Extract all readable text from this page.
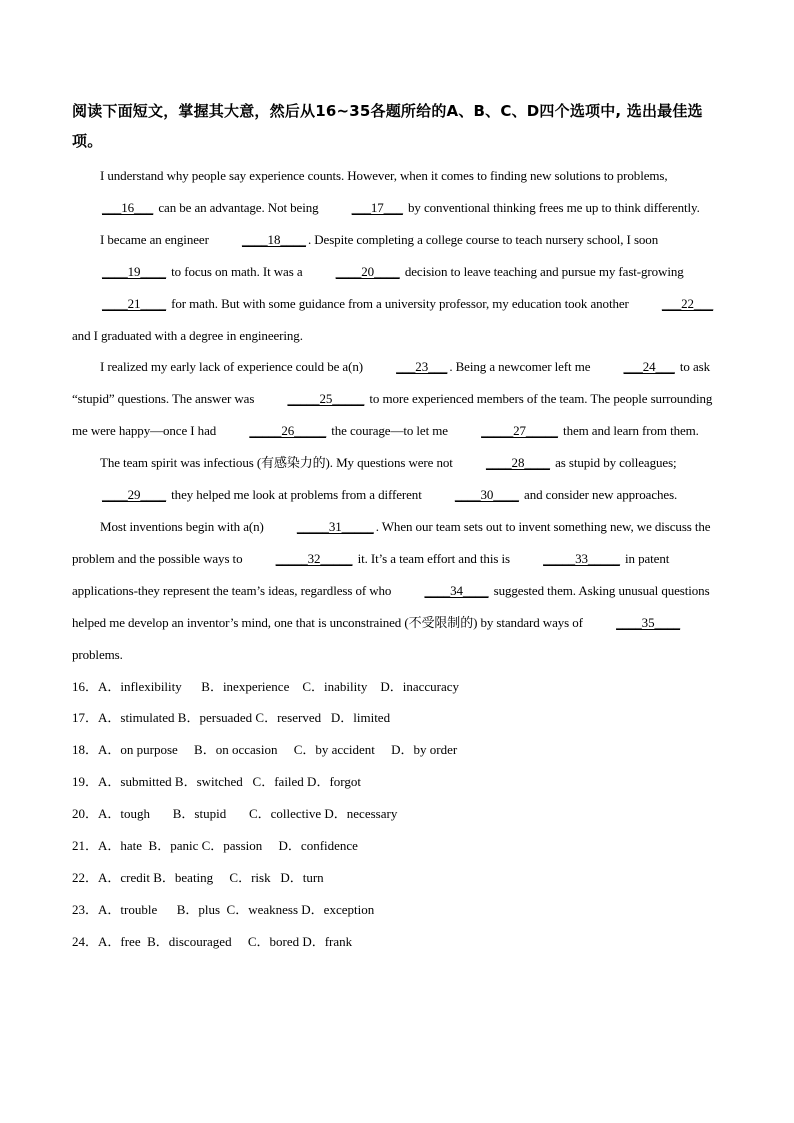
阅读下面短文，掌握其大意，然后从16~35各题所给的A、B、C、D四个选项中, 选出最佳选项。

I understand why people say experience counts. However, when it comes to finding new solutions to problems, ___16___ can be an advantage. Not being ___17___ by conventional thinking frees me up to think differently.

I became an engineer ____18____ . Despite completing a college course to teach nursery school, I soon ____19____ to focus on math. It was a ____20____ decision to leave teaching and pursue my fast-growing ____21____ for math. But with some guidance from a university professor, my education took another ___22___ and I graduated with a degree in engineering.

I realized my early lack of experience could be a(n) ___23___ . Being a newcomer left me ___24___ to ask “stupid” questions. The answer was _____25_____ to more experienced members of the team. The people surrounding me were happy—once I had _____26_____ the courage—to let me _____27_____ them and learn from them.

The team spirit was infectious (有感染力的). My questions were not ____28____ as stupid by colleagues; ____29____ they helped me look at problems from a different ____30____ and consider new approaches.

Most inventions begin with a(n) _____31_____ . When our team sets out to invent something new, we discuss the problem and the possible ways to _____32_____ it. It’s a team effort and this is _____33_____ in patent applications-they represent the team’s ideas, regardless of who ____34____ suggested them. Asking unusual questions helped me develop an inventor’s mind, one that is unconstrained (不受限制的) by standard ways of ____35____ problems.

16．A．inflexibility      B．inexperience    C．inability    D．inaccuracy

17．A．stimulated B．persuaded C．reserved   D．limited

18．A．on purpose     B．on occasion     C．by accident     D．by order

19．A．submitted B．switched   C．failed D．forgot

20．A．tough       B．stupid       C．collective D．necessary

21．A．hate  B．panic C．passion     D．confidence

22．A．credit B．beating     C．risk   D．turn

23．A．trouble      B．plus  C．weakness D．exception

24．A．free  B．discouraged     C．bored D．frank
